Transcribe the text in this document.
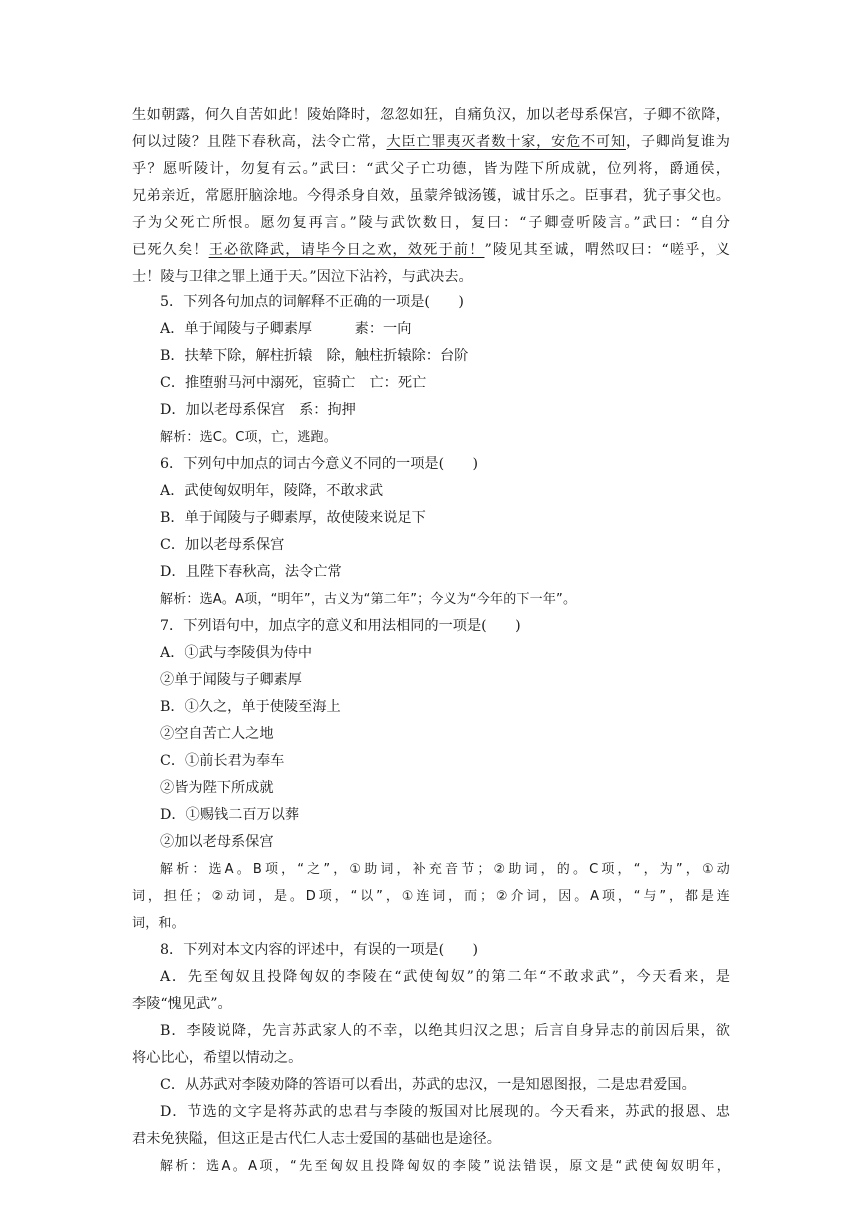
生如朝露，何久自苦如此！陵始降时，忽忽如狂，自痛负汉，加以老母系保宫，子卿不欲降，
何以过陵？且陛下春秋高，法令亡常，大臣亡罪夷灭者数十家，安危不可知，子卿尚复谁为
乎？愿听陵计，勿复有云。”武曰：“武父子亡功德，皆为陛下所成就，位列将，爵通侯，
兄弟亲近，常愿肝脑涂地。今得杀身自效，虽蒙斧钺汤镬，诚甘乐之。臣事君，犹子事父也。
子为父死亡所恨。愿勿复再言。”陵与武饮数日，复曰：“子卿壹听陵言。”武曰：“自分
已死久矣！王必欲降武，请毕今日之欢，效死于前！”陵见其至诚，喟然叹曰：“嗟乎，义
士！陵与卫律之罪上通于天。”因泣下沾衿，与武决去。
5．下列各句加点的词解释不正确的一项是(　　)
A．单于闻陵与子卿素厚　　　素：一向
B．扶辇下除，解柱折辕　除，触柱折辕除：台阶
C．推堕驸马河中溺死，宦骑亡　亡：死亡
D．加以老母系保宫　系：拘押
解析：选C。C项，亡，逃跑。
6．下列句中加点的词古今意义不同的一项是(　　)
A．武使匈奴明年，陵降，不敢求武
B．单于闻陵与子卿素厚，故使陵来说足下
C．加以老母系保宫
D．且陛下春秋高，法令亡常
解析：选A。A项，“明年”，古义为“第二年”；今义为“今年的下一年”。
7．下列语句中，加点字的意义和用法相同的一项是(　　)
A．①武与李陵俱为侍中
②单于闻陵与子卿素厚
B．①久之，单于使陵至海上
②空自苦亡人之地
C．①前长君为奉车
②皆为陛下所成就
D．①赐钱二百万以葬
②加以老母系保宫
解析：选A。B项，“之”，①助词，补充音节；②助词，的。C项，“，为”，①动
词，担任；②动词，是。D项，“以”，①连词，而；②介词，因。A项，“与”，都是连
词，和。
8．下列对本文内容的评述中，有误的一项是(　　)
A．先至匈奴且投降匈奴的李陵在“武使匈奴”的第二年“不敢求武”，今天看来，是
李陵“愧见武”。
B．李陵说降，先言苏武家人的不幸，以绝其归汉之思；后言自身异志的前因后果，欲
将心比心，希望以情动之。
C．从苏武对李陵劝降的答语可以看出，苏武的忠汉，一是知恩图报，二是忠君爱国。
D．节选的文字是将苏武的忠君与李陵的叛国对比展现的。今天看来，苏武的报恩、忠
君未免狭隘，但这正是古代仁人志士爱国的基础也是途径。
解析：选A。A项，“先至匈奴且投降匈奴的李陵”说法错误，原文是“武使匈奴明年，
